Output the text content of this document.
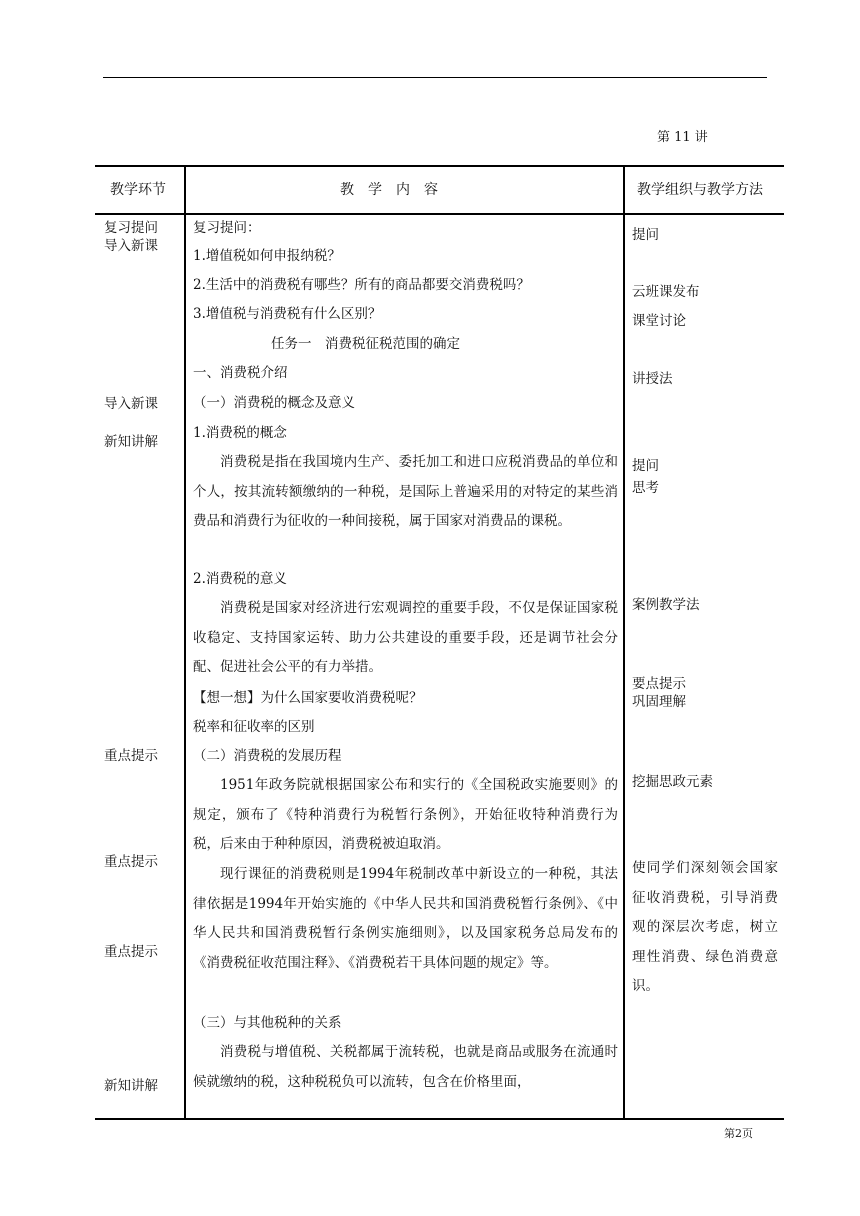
第 11 讲
教学环节	教　学　内　容	教学组织与教学方法
复习提问
导入新课
导入新课
新知讲解
重点提示
重点提示
重点提示
新知讲解
复习提问：
1.增值税如何申报纳税？
2.生活中的消费税有哪些？所有的商品都要交消费税吗？
3.增值税与消费税有什么区别？
任务一　消费税征税范围的确定
一、消费税介绍
（一）消费税的概念及意义
1.消费税的概念
消费税是指在我国境内生产、委托加工和进口应税消费品的单位和个人，按其流转额缴纳的一种税，是国际上普遍采用的对特定的某些消费品和消费行为征收的一种间接税，属于国家对消费品的课税。
2.消费税的意义
消费税是国家对经济进行宏观调控的重要手段，不仅是保证国家税收稳定、支持国家运转、助力公共建设的重要手段，还是调节社会分配、促进社会公平的有力举措。
【想一想】为什么国家要收消费税呢？
税率和征收率的区别
（二）消费税的发展历程
1951年政务院就根据国家公布和实行的《全国税政实施要则》的规定，颁布了《特种消费行为税暂行条例》，开始征收特种消费行为税，后来由于种种原因，消费税被迫取消。
现行课征的消费税则是1994年税制改革中新设立的一种税，其法律依据是1994年开始实施的《中华人民共和国消费税暂行条例》、《中华人民共和国消费税暂行条例实施细则》，以及国家税务总局发布的《消费税征收范围注释》、《消费税若干具体问题的规定》等。
（三）与其他税种的关系
消费税与增值税、关税都属于流转税，也就是商品或服务在流通时候就缴纳的税，这种税税负可以流转，包含在价格里面，
提问
云班课发布
课堂讨论
讲授法
提问
思考
案例教学法
要点提示
巩固理解
挖掘思政元素
使同学们深刻领会国家征收消费税，引导消费观的深层次考虑，树立理性消费、绿色消费意识。
第2页
